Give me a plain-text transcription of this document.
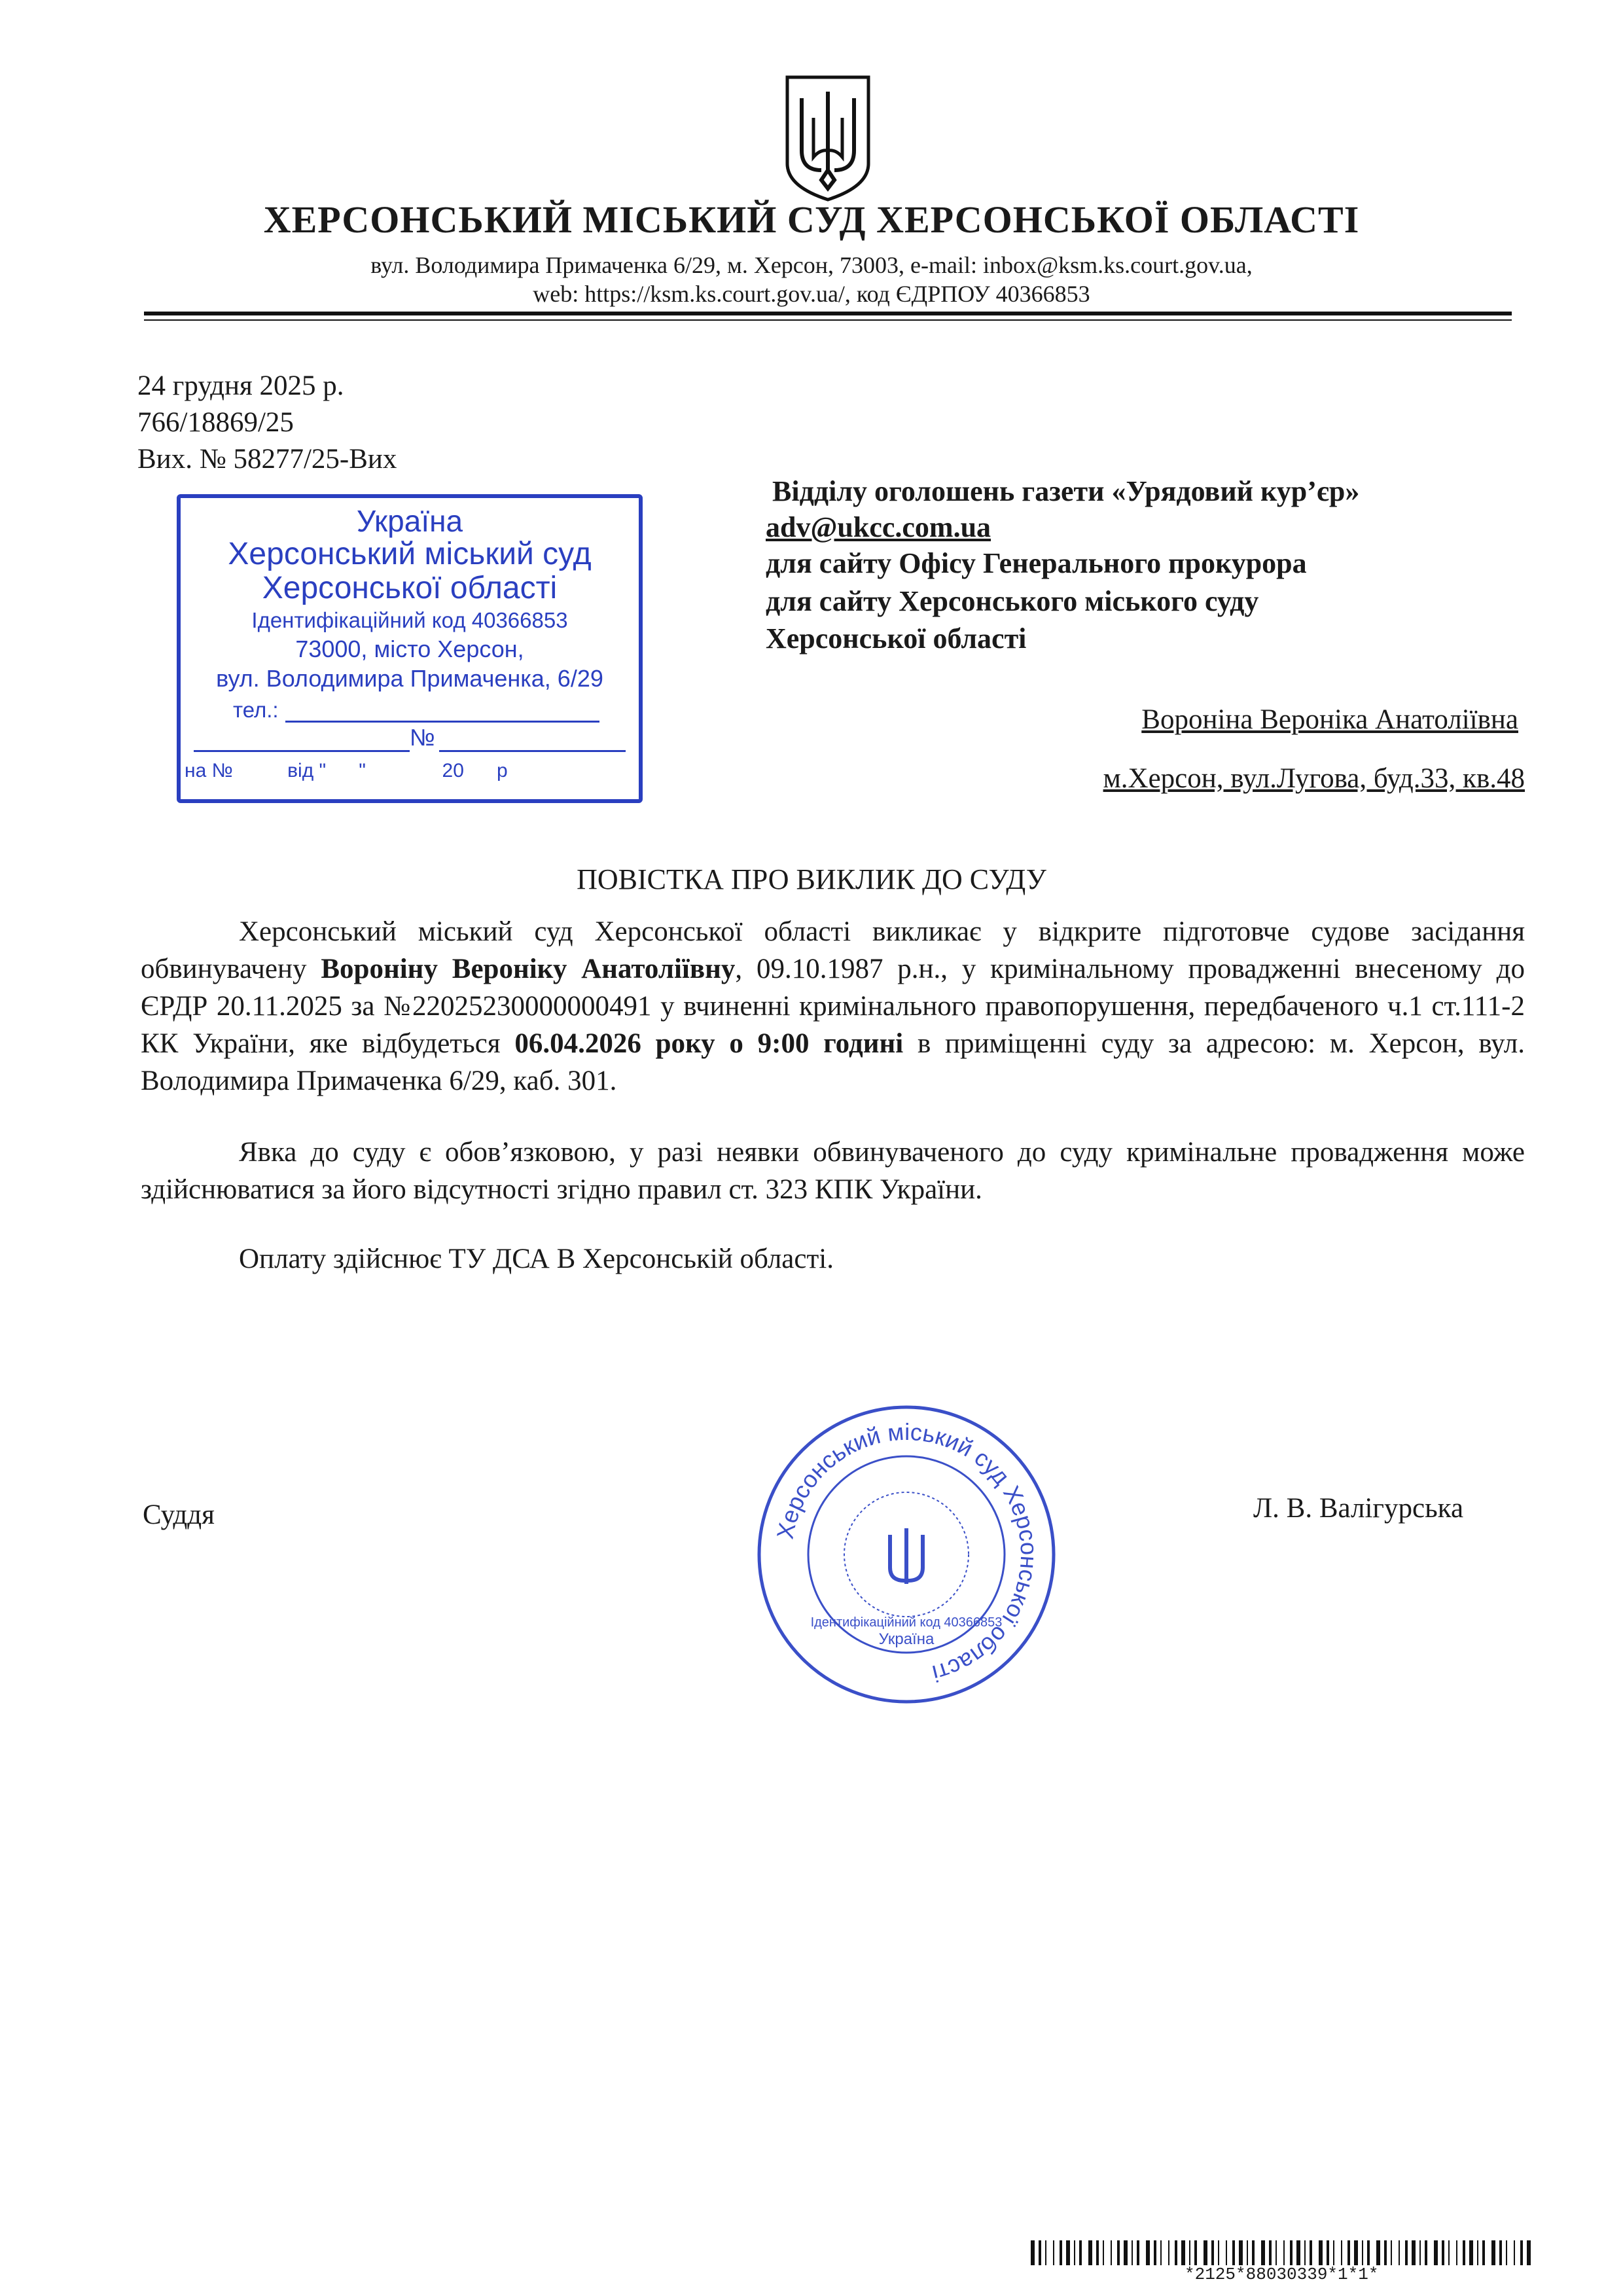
ХЕРСОНСЬКИЙ МІСЬКИЙ СУД ХЕРСОНСЬКОЇ ОБЛАСТІ
вул. Володимира Примаченка 6/29, м. Херсон, 73003, e-mail: inbox@ksm.ks.court.gov.ua,
web: https://ksm.ks.court.gov.ua/, код ЄДРПОУ 40366853
24 грудня 2025 р.
766/18869/25
Вих. № 58277/25-Вих
Україна
Херсонський міський суд
Херсонської області
Ідентифікаційний код 40366853
73000, місто Херсон,
вул. Володимира Примаченка, 6/29
тел.:
№
на №          від "      "              20      р
Відділу оголошень газети «Урядовий кур’єр»
adv@ukcc.com.ua
для сайту Офісу Генерального прокурора
для сайту Херсонського міського суду
Херсонської області
Вороніна Вероніка Анатоліївна
м.Херсон, вул.Лугова, буд.33, кв.48
ПОВІСТКА ПРО ВИКЛИК ДО СУДУ
Херсонський міський суд Херсонської області викликає у відкрите підготовче судове засідання обвинувачену Вороніну Вероніку Анатоліївну, 09.10.1987 р.н., у кримінальному провадженні внесеному до ЄРДР 20.11.2025 за №22025230000000491 у вчиненні кримінального правопорушення, передбаченого ч.1 ст.111-2 КК України, яке відбудеться 06.04.2026 року о 9:00 годині в приміщенні суду за адресою: м. Херсон, вул. Володимира Примаченка 6/29, каб. 301.
Явка до суду є обов’язковою, у разі неявки обвинуваченого до суду кримінальне провадження може здійснюватися за його відсутності згідно правил ст. 323 КПК України.
Оплату здійснює ТУ ДСА В Херсонській області.
Суддя	Л. В. Валігурська
Херсонський міський суд Херсонської області
Ідентифікаційний код 40366853
Україна
*2125*88030339*1*1*
